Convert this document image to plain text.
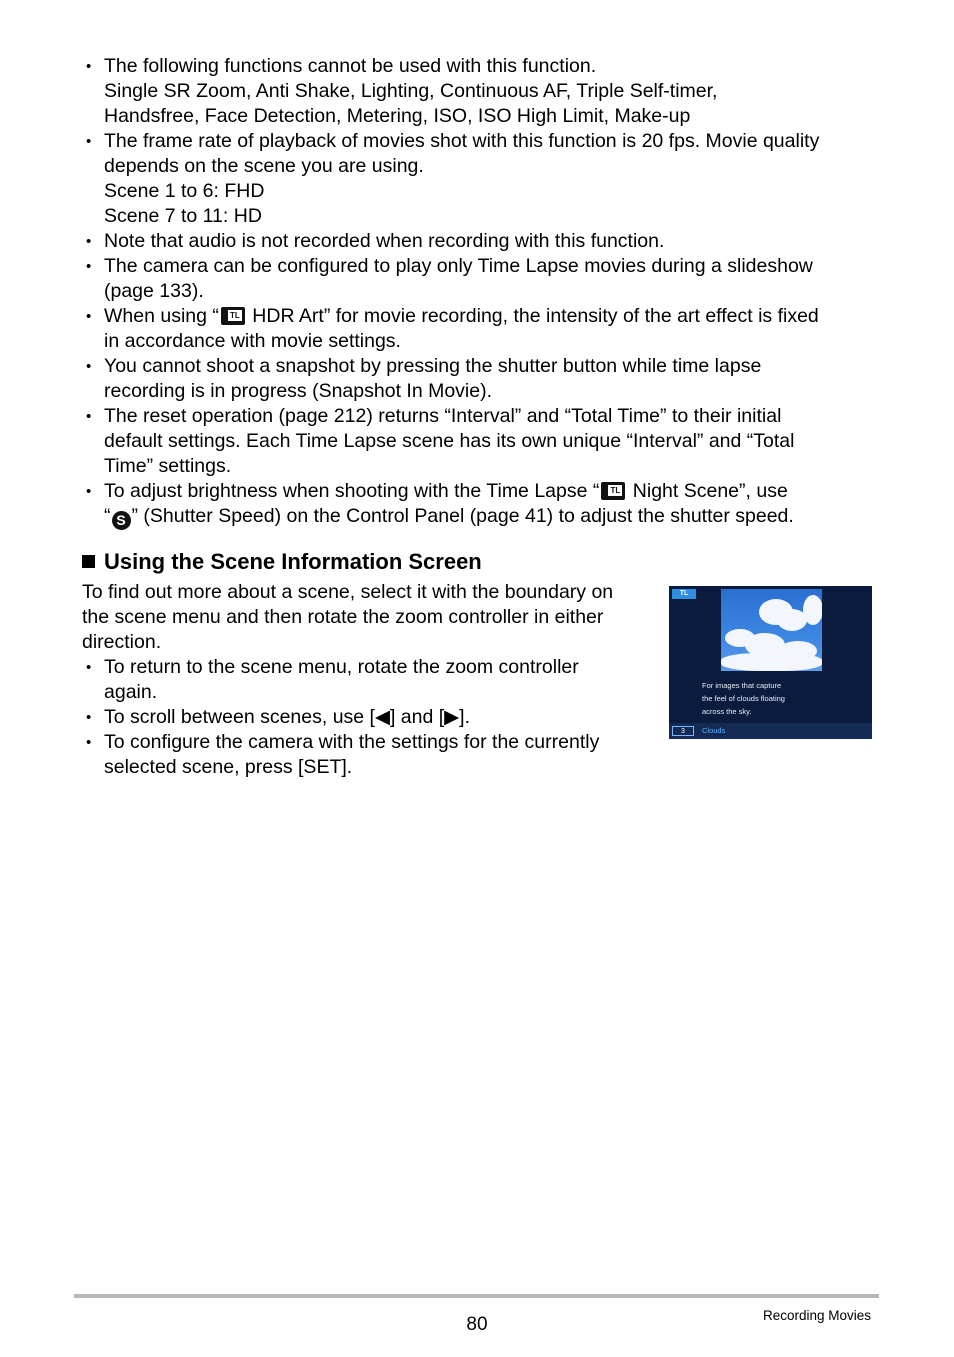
• The following functions cannot be used with this function.
Single SR Zoom, Anti Shake, Lighting, Continuous AF, Triple Self-timer,
Handsfree, Face Detection, Metering, ISO, ISO High Limit, Make-up
• The frame rate of playback of movies shot with this function is 20 fps. Movie quality
depends on the scene you are using.
Scene 1 to 6: FHD
Scene 7 to 11: HD
• Note that audio is not recorded when recording with this function.
• The camera can be configured to play only Time Lapse movies during a slideshow
(page 133).
• When using “TL HDR Art” for movie recording, the intensity of the art effect is fixed
in accordance with movie settings.
• You cannot shoot a snapshot by pressing the shutter button while time lapse
recording is in progress (Snapshot In Movie).
• The reset operation (page 212) returns “Interval” and “Total Time” to their initial
default settings. Each Time Lapse scene has its own unique “Interval” and “Total
Time” settings.
• To adjust brightness when shooting with the Time Lapse “TL Night Scene”, use
“ S ” (Shutter Speed) on the Control Panel (page 41) to adjust the shutter speed.
Using the Scene Information Screen

To find out more about a scene, select it with the boundary on the scene menu and then rotate the zoom controller in either direction.

• To return to the scene menu, rotate the zoom controller
again.
• To scroll between scenes, use [◀] and [▶].
• To configure the camera with the settings for the currently
selected scene, press [SET].
TL
For images that capture
the feel of clouds floating
across the sky.
3	Clouds
80	Recording Movies
